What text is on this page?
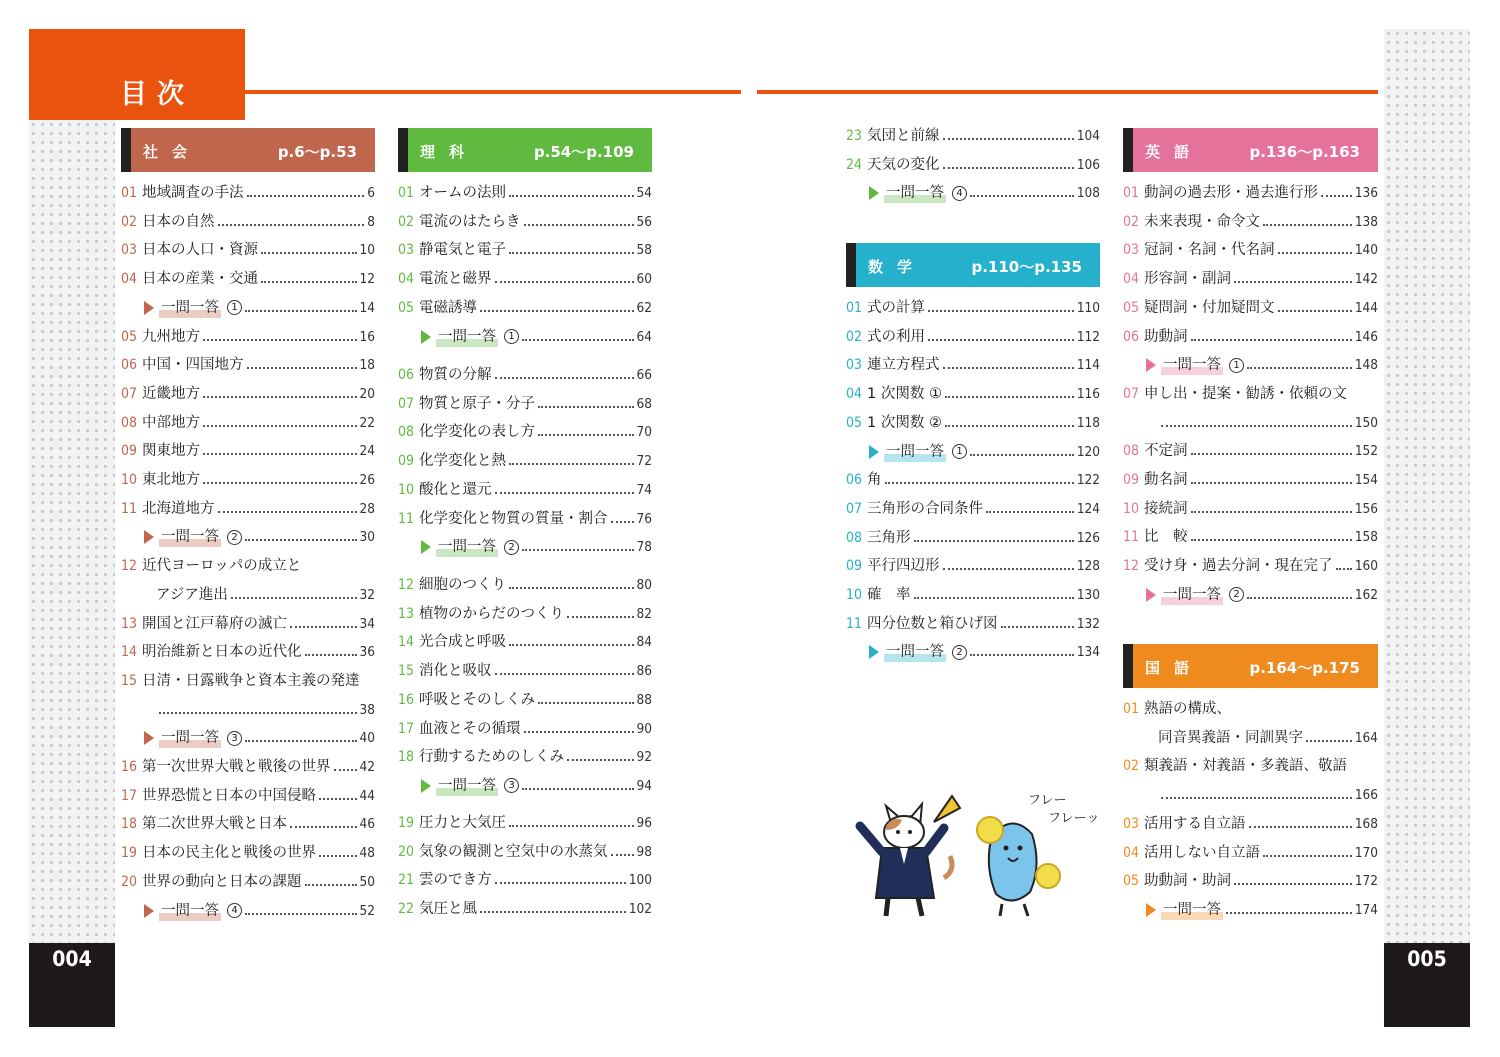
004	005
目次
社会	p.6〜p.53
01 地域調査の手法	6
02 日本の自然	8
03 日本の人口・資源	10
04 日本の産業・交通	12
一問一答	1	14
05 九州地方	16
06 中国・四国地方	18
07 近畿地方	20
08 中部地方	22
09 関東地方	24
10 東北地方	26
11 北海道地方	28
一問一答	2	30
12 近代ヨーロッパの成立と
アジア進出	32
13 開国と江戸幕府の滅亡	34
14 明治維新と日本の近代化	36
15 日清・日露戦争と資本主義の発達
38
一問一答	3	40
16 第一次世界大戦と戦後の世界 42
17 世界恐慌と日本の中国侵略	44
18 第二次世界大戦と日本	46
19 日本の民主化と戦後の世界	48
20 世界の動向と日本の課題	50
一問一答	4	52
理科	p.54〜p.109
01 オームの法則	54
02 電流のはたらき	56
03 静電気と電子	58
04 電流と磁界	60
05 電磁誘導	62
一問一答	1	64
06 物質の分解	66
07 物質と原子・分子	68
08 化学変化の表し方	70
09 化学変化と熱	72
10 酸化と還元	74
11 化学変化と物質の質量・割合 76
一問一答	2	78
12 細胞のつくり	80
13 植物のからだのつくり	82
14 光合成と呼吸	84
15 消化と吸収	86
16 呼吸とそのしくみ	88
17 血液とその循環	90
18 行動するためのしくみ	92
一問一答	3	94
19 圧力と大気圧	96
20 気象の観測と空気中の水蒸気 98
21 雲のでき方	100
22 気圧と風	102
23 気団と前線	104
24 天気の変化	106
一問一答	4	108
数学	p.110〜p.135
01 式の計算	110
02 式の利用	112
03 連立方程式	114
04 1 次関数 ①	116
05 1 次関数 ②	118
一問一答	1	120
06 角	122
07 三角形の合同条件	124
08 三角形	126
09 平行四辺形	128
10 確　率	130
11 四分位数と箱ひげ図	132
一問一答	2	134
英語	p.136〜p.163
01 動詞の過去形・過去進行形	136
02 未来表現・命令文	138
03 冠詞・名詞・代名詞	140
04 形容詞・副詞	142
05 疑問詞・付加疑問文	144
06 助動詞	146
一問一答	1	148
07 申し出・提案・勧誘・依頼の文
150
08 不定詞	152
09 動名詞	154
10 接続詞	156
11 比　較	158
12 受け身・過去分詞・現在完了 160
一問一答	2	162
国語	p.164〜p.175
01 熟語の構成、
同音異義語・同訓異字	164
02 類義語・対義語・多義語、敬語
166
03 活用する自立語	168
04 活用しない自立語	170
05 助動詞・助詞	172
一問一答	174
フレー
フレーッ
